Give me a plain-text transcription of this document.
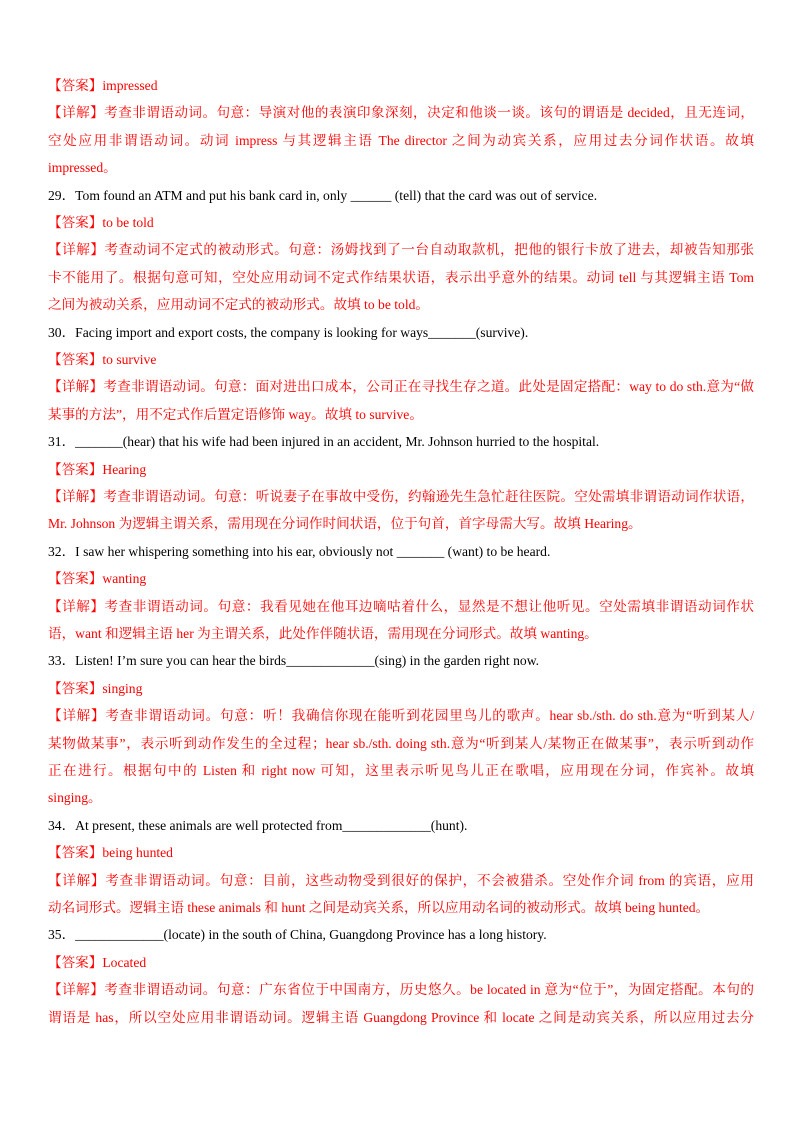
【答案】impressed
【详解】考查非谓语动词。句意：导演对他的表演印象深刻，决定和他谈一谈。该句的谓语是 decided，且无连词，
空处应用非谓语动词。动词 impress 与其逻辑主语 The director 之间为动宾关系，应用过去分词作状语。故填
impressed。
29．Tom found an ATM and put his bank card in, only ______ (tell) that the card was out of service.
【答案】to be told
【详解】考查动词不定式的被动形式。句意：汤姆找到了一台自动取款机，把他的银行卡放了进去，却被告知那张
卡不能用了。根据句意可知，空处应用动词不定式作结果状语，表示出乎意外的结果。动词 tell 与其逻辑主语 Tom
之间为被动关系，应用动词不定式的被动形式。故填 to be told。
30．Facing import and export costs, the company is looking for ways_______(survive).
【答案】to survive
【详解】考查非谓语动词。句意：面对进出口成本，公司正在寻找生存之道。此处是固定搭配：way to do sth.意为“做
某事的方法”，用不定式作后置定语修饰 way。故填 to survive。
31．_______(hear) that his wife had been injured in an accident, Mr. Johnson hurried to the hospital.
【答案】Hearing
【详解】考查非谓语动词。句意：听说妻子在事故中受伤，约翰逊先生急忙赶往医院。空处需填非谓语动词作状语，
Mr. Johnson 为逻辑主谓关系，需用现在分词作时间状语，位于句首，首字母需大写。故填 Hearing。
32．I saw her whispering something into his ear, obviously not _______ (want) to be heard.
【答案】wanting
【详解】考查非谓语动词。句意：我看见她在他耳边嘀咕着什么，显然是不想让他听见。空处需填非谓语动词作状
语，want 和逻辑主语 her 为主谓关系，此处作伴随状语，需用现在分词形式。故填 wanting。
33．Listen! I’m sure you can hear the birds_____________(sing) in the garden right now.
【答案】singing
【详解】考查非谓语动词。句意：听！我确信你现在能听到花园里鸟儿的歌声。hear sb./sth. do sth.意为“听到某人/
某物做某事”，表示听到动作发生的全过程；hear sb./sth. doing sth.意为“听到某人/某物正在做某事”，表示听到动作
正在进行。根据句中的 Listen 和 right now 可知，这里表示听见鸟儿正在歌唱，应用现在分词，作宾补。故填
singing。
34．At present, these animals are well protected from_____________(hunt).
【答案】being hunted
【详解】考查非谓语动词。句意：目前，这些动物受到很好的保护，不会被猎杀。空处作介词 from 的宾语，应用
动名词形式。逻辑主语 these animals 和 hunt 之间是动宾关系，所以应用动名词的被动形式。故填 being hunted。
35．_____________(locate) in the south of China, Guangdong Province has a long history.
【答案】Located
【详解】考查非谓语动词。句意：广东省位于中国南方，历史悠久。be located in 意为“位于”，为固定搭配。本句的
谓语是 has，所以空处应用非谓语动词。逻辑主语 Guangdong Province 和 locate 之间是动宾关系，所以应用过去分
